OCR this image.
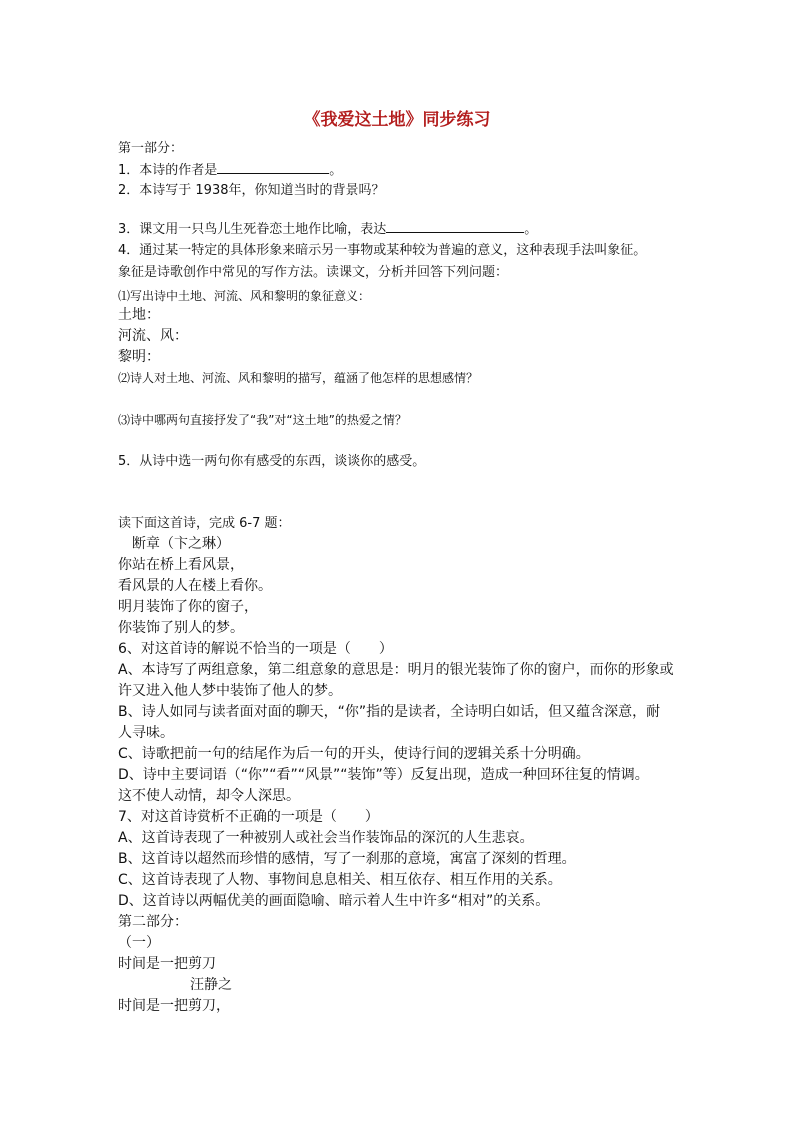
《我爱这土地》同步练习
第一部分：
1．本诗的作者是	。
2．本诗写于 1938年，你知道当时的背景吗？
3．课文用一只鸟儿生死眷恋土地作比喻，表达	。
4．通过某一特定的具体形象来暗示另一事物或某种较为普遍的意义，这种表现手法叫象征。
象征是诗歌创作中常见的写作方法。读课文，分析并回答下列问题：
⑴写出诗中土地、河流、风和黎明的象征意义：
土地：
河流、风：
黎明：
⑵诗人对土地、河流、风和黎明的描写，蕴涵了他怎样的思想感情？
⑶诗中哪两句直接抒发了“我”对“这土地”的热爱之情？
5．从诗中选一两句你有感受的东西，谈谈你的感受。
读下面这首诗，完成 6-7 题：
断章（卞之琳）
你站在桥上看风景，
看风景的人在楼上看你。
明月装饰了你的窗子，
你装饰了别人的梦。
6、对这首诗的解说不恰当的一项是（　　）
A、本诗写了两组意象，第二组意象的意思是：明月的银光装饰了你的窗户，而你的形象或
许又进入他人梦中装饰了他人的梦。
B、诗人如同与读者面对面的聊天，“你”指的是读者，全诗明白如话，但又蕴含深意，耐
人寻味。
C、诗歌把前一句的结尾作为后一句的开头，使诗行间的逻辑关系十分明确。
D、诗中主要词语（“你”“看”“风景”“装饰”等）反复出现，造成一种回环往复的情调。
这不使人动情，却令人深思。
7、对这首诗赏析不正确的一项是（　　）
A、这首诗表现了一种被别人或社会当作装饰品的深沉的人生悲哀。
B、这首诗以超然而珍惜的感情，写了一刹那的意境，寓富了深刻的哲理。
C、这首诗表现了人物、事物间息息相关、相互依存、相互作用的关系。
D、这首诗以两幅优美的画面隐喻、暗示着人生中许多“相对”的关系。
第二部分：
（一）
时间是一把剪刀
汪静之
时间是一把剪刀，
